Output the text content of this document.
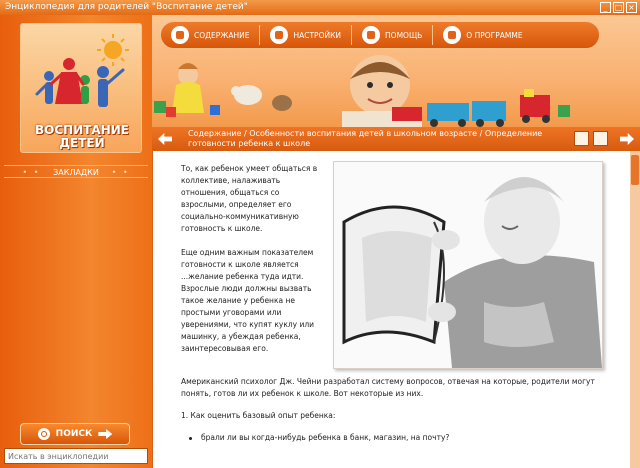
Энциклопедия для родителей "Воспитание детей"	_ □ ×
ВОСПИТАНИЕ
ДЕТЕЙ
• • ЗАКЛАДКИ • •
ПОИСК
Искать в энциклопедии
СОДЕРЖАНИЕ	НАСТРОЙКИ	ПОМОЩЬ	О ПРОГРАММЕ
Содержание / Особенности воспитания детей в школьном возрасте / Определение готовности ребенка к школе

То, как ребенок умеет общаться в коллективе, налаживать отношения, общаться со взрослыми, определяет его социально-коммуникативную готовность к школе.

Еще одним важным показателем готовности к школе является ...желание ребенка туда идти. Взрослые люди должны вызвать такое желание у ребенка не простыми уговорами или уверениями, что купят куклу или машинку, а убеждая ребенка, заинтересовывая его.

Американский психолог Дж. Чейни разработал систему вопросов, отвечая на которые, родители могут понять, готов ли их ребенок к школе. Вот некоторые из них.

1. Как оценить базовый опыт ребенка:

брали ли вы когда-нибудь ребенка в банк, магазин, на почту?
